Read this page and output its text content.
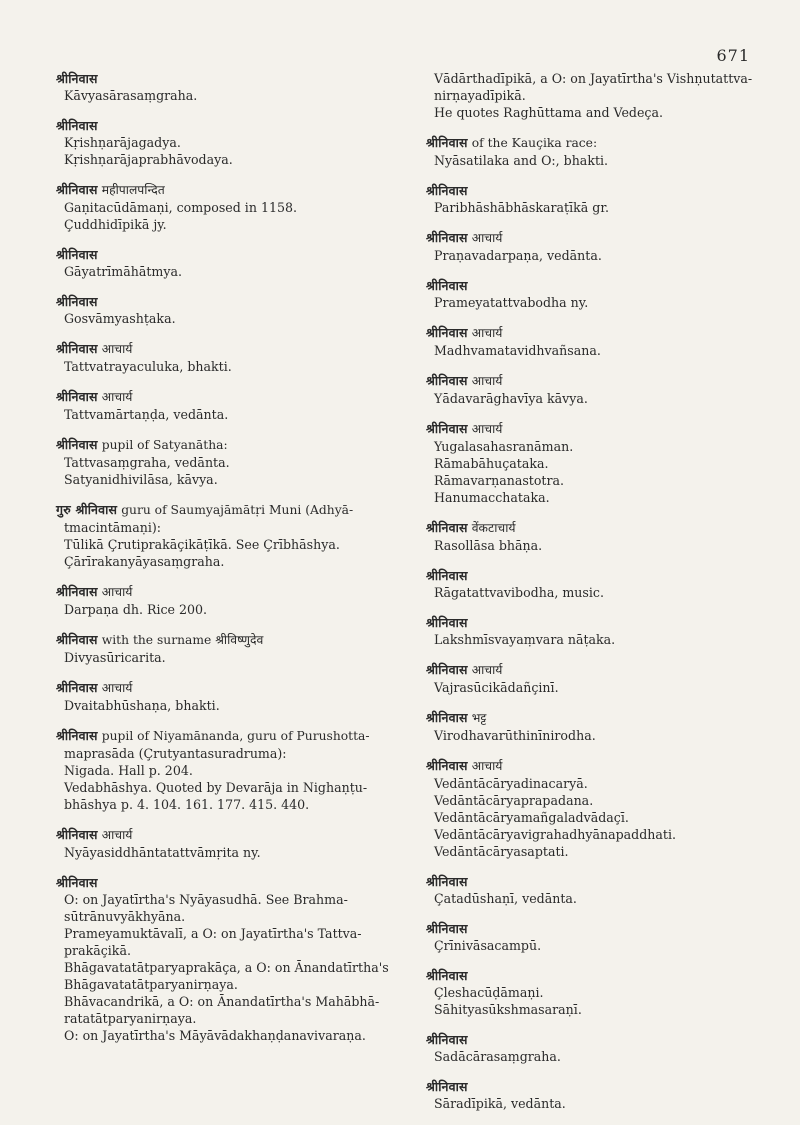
671
श्रीनिवास
Kāvyasārasaṃgraha.
श्रीनिवास
Kṛishṇarājagadya.
Kṛishṇarājaprabhāvodaya.
श्रीनिवास महीपालपन्दित
Gaṇitacūdāmaṇi, composed in 1158.
Çuddhidīpikā jy.
श्रीनिवास
Gāyatrīmāhātmya.
श्रीनिवास
Gosvāmyashṭaka.
श्रीनिवास आचार्य
Tattvatrayaculuka, bhakti.
श्रीनिवास आचार्य
Tattvamārtaṇḍa, vedānta.
श्रीनिवास pupil of Satyanātha:
Tattvasaṃgraha, vedānta.
Satyanidhivilāsa, kāvya.
गुरु श्रीनिवास guru of Saumyajāmātṛi Muni (Adhyā-
tmacintāmaṇi):
Tūlikā Çrutiprakāçikāṭīkā. See Çrībhāshya.
Çārīrakanyāyasaṃgraha.
श्रीनिवास आचार्य
Darpaṇa dh. Rice 200.
श्रीनिवास with the surname श्रीविष्णुदेव
Divyasūricarita.
श्रीनिवास आचार्य
Dvaitabhūshaṇa, bhakti.
श्रीनिवास pupil of Niyamānanda, guru of Purushotta-
maprasāda (Çrutyantasuradruma):
Nigada. Hall p. 204.
Vedabhāshya. Quoted by Devarāja in Nighaṇṭu-
bhāshya p. 4. 104. 161. 177. 415. 440.
श्रीनिवास आचार्य
Nyāyasiddhāntatattvāmṛita ny.
श्रीनिवास
O: on Jayatīrtha's Nyāyasudhā. See Brahma-
sūtrānuvyākhyāna.
Prameyamuktāvalī, a O: on Jayatīrtha's Tattva-
prakāçikā.
Bhāgavatatātparyaprakāça, a O: on Ānandatīrtha's
Bhāgavatatātparyanirṇaya.
Bhāvacandrikā, a O: on Ānandatīrtha's Mahābhā-
ratatātparyanirṇaya.
O: on Jayatīrtha's Māyāvādakhaṇḍanavivaraṇa.
Vādārthadīpikā, a O: on Jayatīrtha's Vishṇutattva-
nirṇayadīpikā.
He quotes Raghūttama and Vedeça.
श्रीनिवास of the Kauçika race:
Nyāsatilaka and O:, bhakti.
श्रीनिवास
Paribhāshābhāskaraṭīkā gr.
श्रीनिवास आचार्य
Praṇavadarpaṇa, vedānta.
श्रीनिवास
Prameyatattvabodha ny.
श्रीनिवास आचार्य
Madhvamatavidhvañsana.
श्रीनिवास आचार्य
Yādavarāghavīya kāvya.
श्रीनिवास आचार्य
Yugalasahasranāman.
Rāmabāhuçataka.
Rāmavarṇanastotra.
Hanumacchataka.
श्रीनिवास वेंकटाचार्य
Rasollāsa bhāṇa.
श्रीनिवास
Rāgatattvavibodha, music.
श्रीनिवास
Lakshmīsvayaṃvara nāṭaka.
श्रीनिवास आचार्य
Vajrasūcikādañçinī.
श्रीनिवास भट्ट
Virodhavarūthinīnirodha.
श्रीनिवास आचार्य
Vedāntācāryadinacaryā.
Vedāntācāryaprapadana.
Vedāntācāryamañgaladvādaçī.
Vedāntācāryavigrahadhyānapaddhati.
Vedāntācāryasaptati.
श्रीनिवास
Çatadūshaṇī, vedānta.
श्रीनिवास
Çrīnivāsacampū.
श्रीनिवास
Çleshacūḍāmaṇi.
Sāhityasūkshmasaraṇī.
श्रीनिवास
Sadācārasaṃgraha.
श्रीनिवास
Sāradīpikā, vedānta.
